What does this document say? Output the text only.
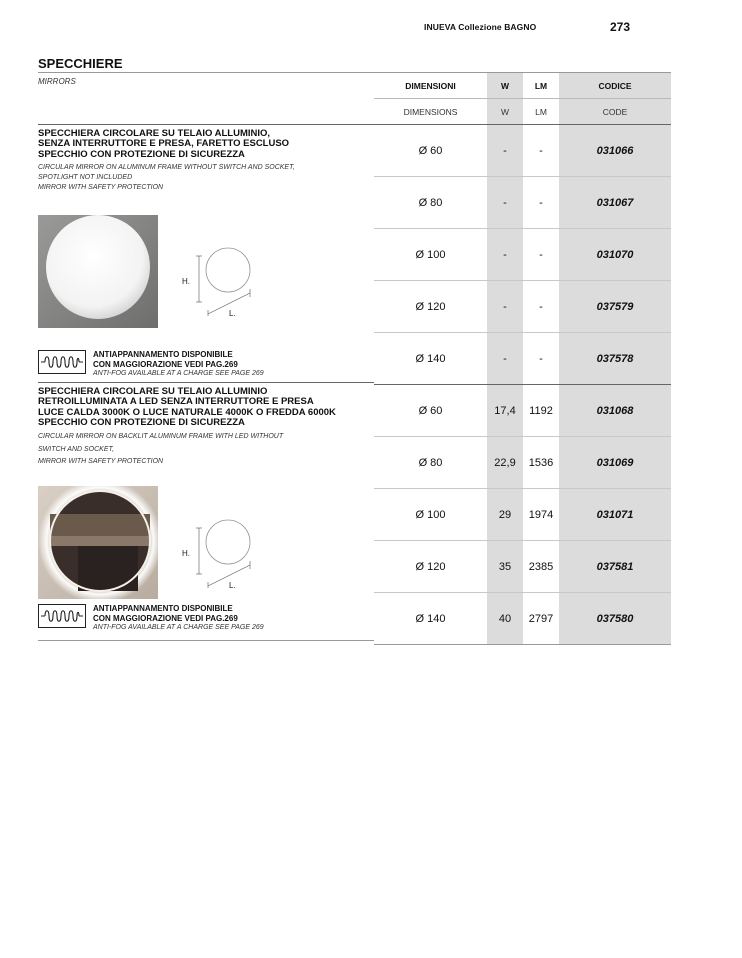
INUEVA Collezione BAGNO	273
SPECCHIERE
MIRRORS	DIMENSIONI	W	LM	CODICE
DIMENSIONS	W	LM	CODE
Ø 60	-	-	031066
Ø 80	-	-	031067
Ø 100	-	-	031070
Ø 120	-	-	037579
Ø 140	-	-	037578
Ø 60	17,4	1192	031068
Ø 80	22,9	1536	031069
Ø 100	29	1974	031071
Ø 120	35	2385	037581
Ø 140	40	2797	037580
SPECCHIERA CIRCOLARE SU TELAIO ALLUMINIO,
SENZA INTERRUTTORE E PRESA, FARETTO ESCLUSO
SPECCHIO CON PROTEZIONE DI SICUREZZA
CIRCULAR MIRROR ON ALUMINUM FRAME WITHOUT SWITCH AND SOCKET,
SPOTLIGHT NOT INCLUDED
MIRROR WITH SAFETY PROTECTION
H.
L.
ANTIAPPANNAMENTO DISPONIBILE
CON MAGGIORAZIONE VEDI PAG.269
ANTI-FOG AVAILABLE AT A CHARGE SEE PAGE 269
SPECCHIERA CIRCOLARE SU TELAIO ALLUMINIO
RETROILLUMINATA A LED SENZA INTERRUTTORE E PRESA
LUCE CALDA 3000K O LUCE NATURALE 4000K O FREDDA 6000K
SPECCHIO CON PROTEZIONE DI SICUREZZA
CIRCULAR MIRROR ON BACKLIT ALUMINUM FRAME WITH LED WITHOUT
SWITCH AND SOCKET,
MIRROR WITH SAFETY PROTECTION
H.
L.
ANTIAPPANNAMENTO DISPONIBILE
CON MAGGIORAZIONE VEDI PAG.269
ANTI-FOG AVAILABLE AT A CHARGE SEE PAGE 269
